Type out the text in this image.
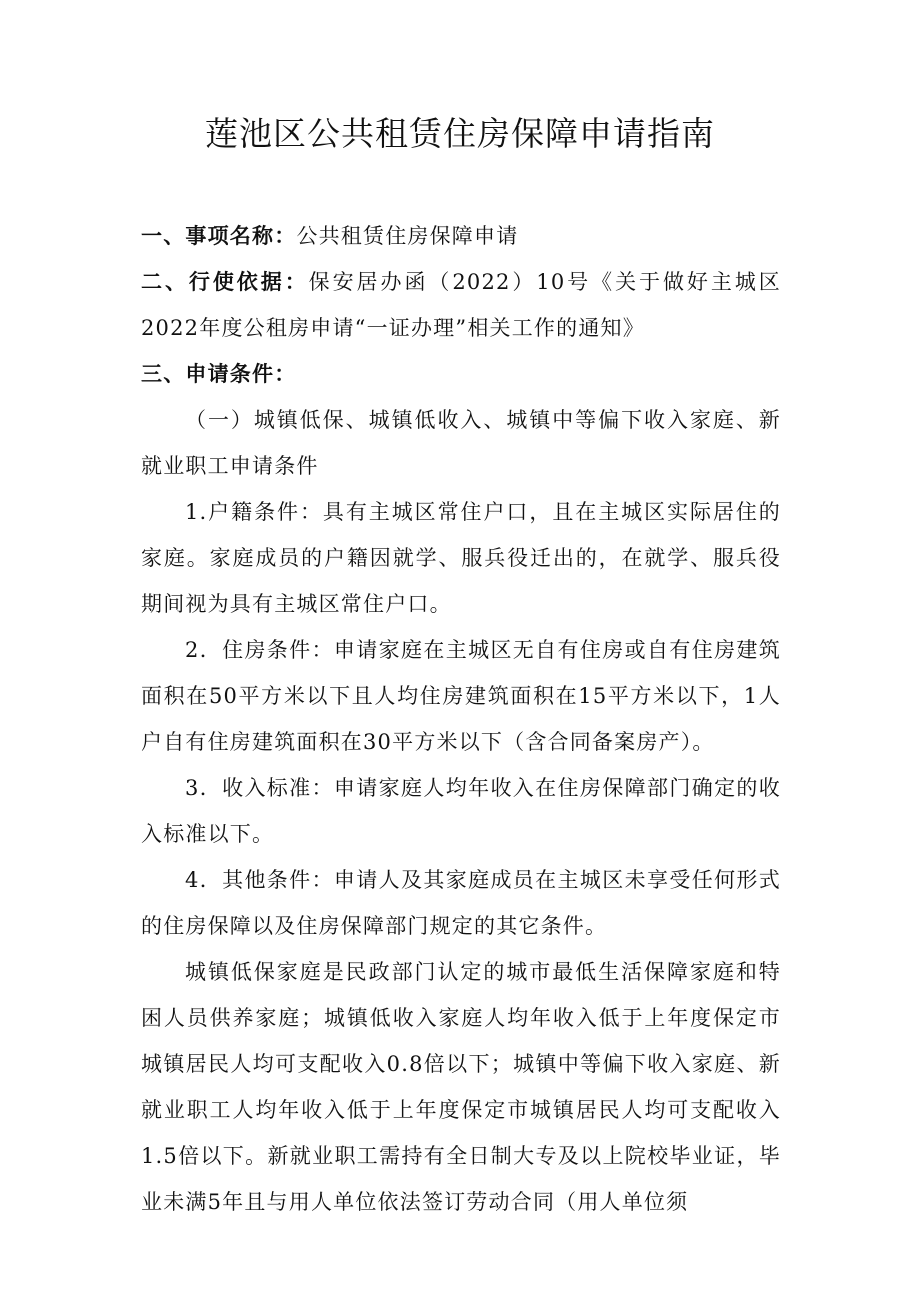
莲池区公共租赁住房保障申请指南

一、事项名称：公共租赁住房保障申请

二、行使依据：保安居办函（2022）10号《关于做好主城区2022年度公租房申请“一证办理”相关工作的通知》

三、申请条件：

（一）城镇低保、城镇低收入、城镇中等偏下收入家庭、新就业职工申请条件

1.户籍条件：具有主城区常住户口，且在主城区实际居住的家庭。家庭成员的户籍因就学、服兵役迁出的，在就学、服兵役期间视为具有主城区常住户口。

2．住房条件：申请家庭在主城区无自有住房或自有住房建筑面积在50平方米以下且人均住房建筑面积在15平方米以下，1人户自有住房建筑面积在30平方米以下（含合同备案房产）。

3．收入标准：申请家庭人均年收入在住房保障部门确定的收入标准以下。

4．其他条件：申请人及其家庭成员在主城区未享受任何形式的住房保障以及住房保障部门规定的其它条件。

城镇低保家庭是民政部门认定的城市最低生活保障家庭和特困人员供养家庭；城镇低收入家庭人均年收入低于上年度保定市城镇居民人均可支配收入0.8倍以下；城镇中等偏下收入家庭、新就业职工人均年收入低于上年度保定市城镇居民人均可支配收入1.5倍以下。新就业职工需持有全日制大专及以上院校毕业证，毕业未满5年且与用人单位依法签订劳动合同（用人单位须
